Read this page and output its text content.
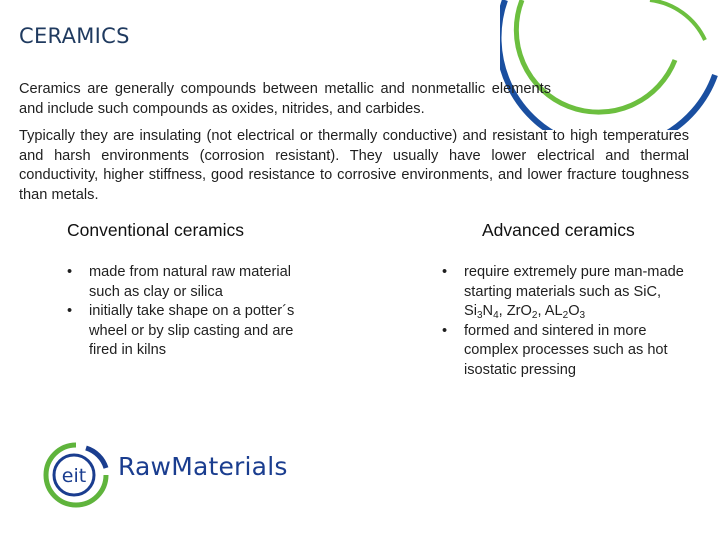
CERAMICS
Ceramics are generally compounds between metallic and nonmetallic elements and include such compounds as oxides, nitrides, and carbides.
Typically they are insulating (not electrical or thermally conductive) and resistant to high temperatures and harsh environments (corrosion resistant). They usually have lower electrical and thermal conductivity, higher stiffness, good resistance to corrosive environments, and lower fracture toughness than metals.
Conventional ceramics	Advanced ceramics
• made from natural raw material such as clay or silica
• initially take shape on a potter´s wheel or by slip casting and are fired in kilns
• require extremely pure man-made starting materials such as SiC, $Si_3N_4$, ZrO$_2$, $AL_2O_3$
• formed and sintered in more complex processes such as hot isostatic pressing
eit RawMaterials
